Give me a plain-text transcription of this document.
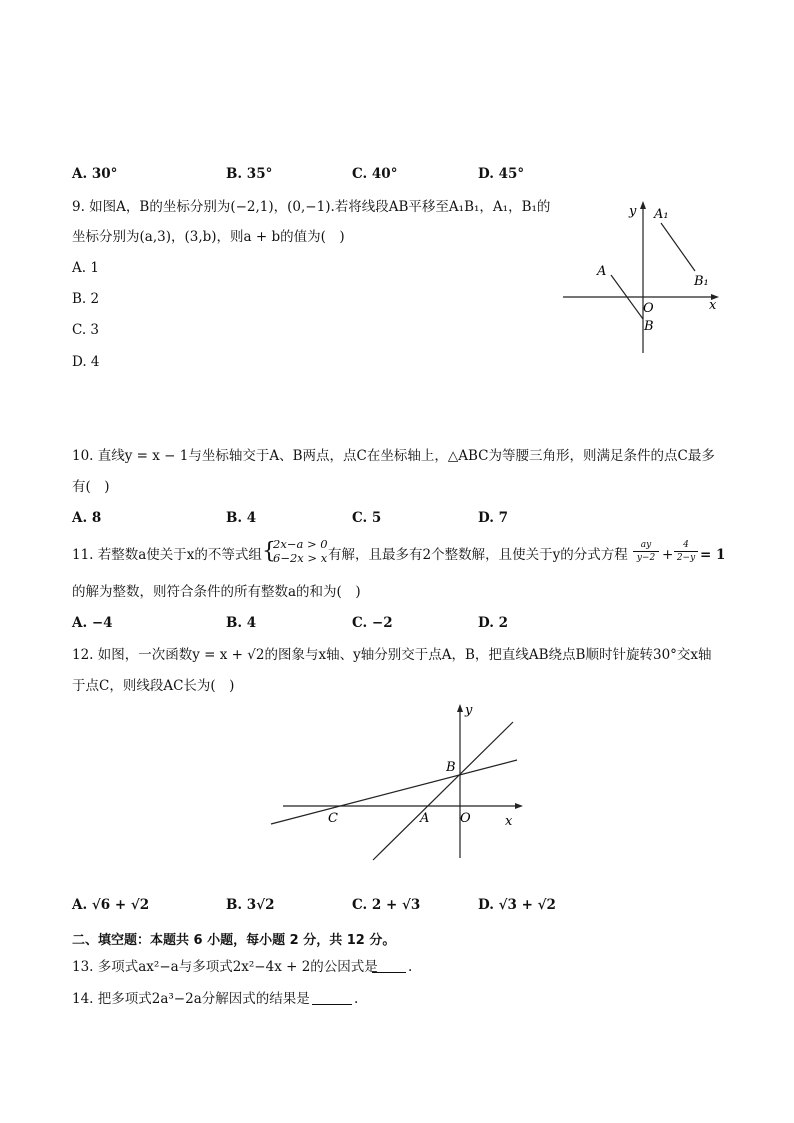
A. 30°	B. 35°	C. 40°	D. 45°
9. 如图A，B的坐标分别为(−2,1)，(0,−1).若将线段AB平移至A₁B₁，A₁，B₁的
坐标分别为(a,3)，(3,b)，则a + b的值为(　)
A. 1
B. 2
C. 3
D. 4
y
x
A₁
B₁
A
O
B
10. 直线y = x − 1与坐标轴交于A、B两点，点C在坐标轴上，△ABC为等腰三角形，则满足条件的点C最多
有(　)
A. 8	B. 4	C. 5	D. 7
11. 若整数a使关于x的不等式组 {
2x−a > 0
6−2x > x 有解，且最多有2个整数解，且使关于y的分式方程 $\frac{ay}{y-2} + \frac{4}{2-y} = 1$
的解为整数，则符合条件的所有整数a的和为(　)
A. −4	B. 4	C. −2	D. 2
12. 如图，一次函数y = x + √2的图象与x轴、y轴分别交于点A，B，把直线AB绕点B顺时针旋转30°交x轴
于点C，则线段AC长为(　)
y
x
B
C	A O
A. √6 + √2	B. 3√2	C. 2 + √3	D. √3 + √2
二、填空题：本题共 6 小题，每小题 2 分，共 12 分。
13. 多项式ax²−a与多项式2x²−4x + 2的公因式是 .
14. 把多项式2a³−2a分解因式的结果是	.
